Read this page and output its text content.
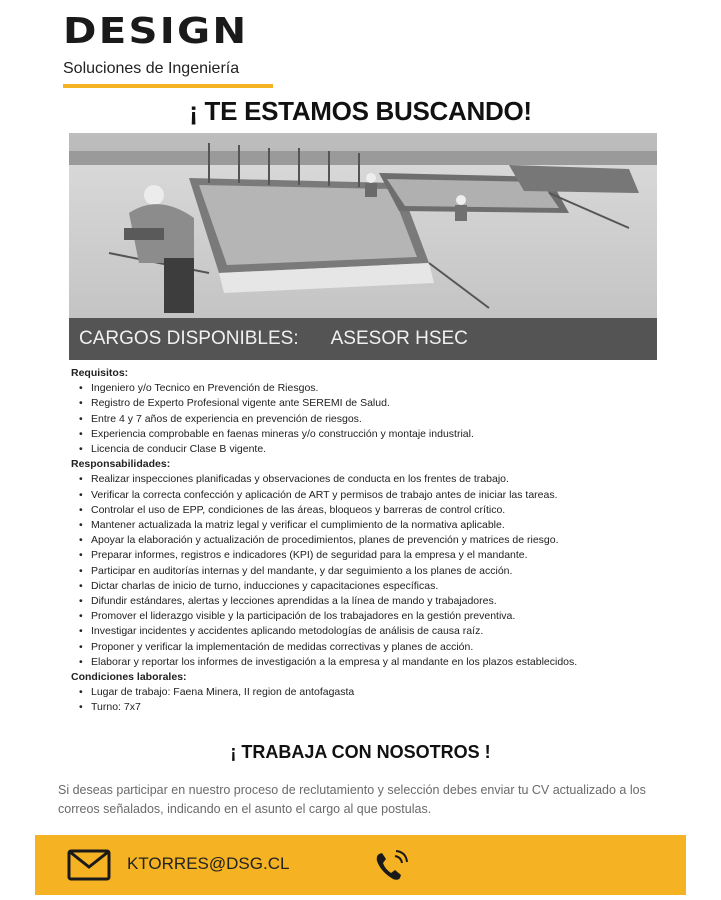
DESIGN
Soluciones de Ingeniería
¡ TE ESTAMOS BUSCANDO!
CARGOS DISPONIBLES: ASESOR HSEC
Requisitos:
• Ingeniero y/o Tecnico en Prevención de Riesgos.
• Registro de Experto Profesional vigente ante SEREMI de Salud.
• Entre 4 y 7 años de experiencia en prevención de riesgos.
• Experiencia comprobable en faenas mineras y/o construcción y montaje industrial.
• Licencia de conducir Clase B vigente.
Responsabilidades:
• Realizar inspecciones planificadas y observaciones de conducta en los frentes de trabajo.
• Verificar la correcta confección y aplicación de ART y permisos de trabajo antes de iniciar las tareas.
• Controlar el uso de EPP, condiciones de las áreas, bloqueos y barreras de control crítico.
• Mantener actualizada la matriz legal y verificar el cumplimiento de la normativa aplicable.
• Apoyar la elaboración y actualización de procedimientos, planes de prevención y matrices de riesgo.
• Preparar informes, registros e indicadores (KPI) de seguridad para la empresa y el mandante.
• Participar en auditorías internas y del mandante, y dar seguimiento a los planes de acción.
• Dictar charlas de inicio de turno, inducciones y capacitaciones específicas.
• Difundir estándares, alertas y lecciones aprendidas a la línea de mando y trabajadores.
• Promover el liderazgo visible y la participación de los trabajadores en la gestión preventiva.
• Investigar incidentes y accidentes aplicando metodologías de análisis de causa raíz.
• Proponer y verificar la implementación de medidas correctivas y planes de acción.
• Elaborar y reportar los informes de investigación a la empresa y al mandante en los plazos establecidos.
Condiciones laborales:
• Lugar de trabajo: Faena Minera, II region de antofagasta
• Turno: 7x7
¡ TRABAJA CON NOSOTROS !
Si deseas participar en nuestro proceso de reclutamiento y selección debes enviar tu CV actualizado a los correos señalados, indicando en el asunto el cargo al que postulas.
KTORRES@DSG.CL
